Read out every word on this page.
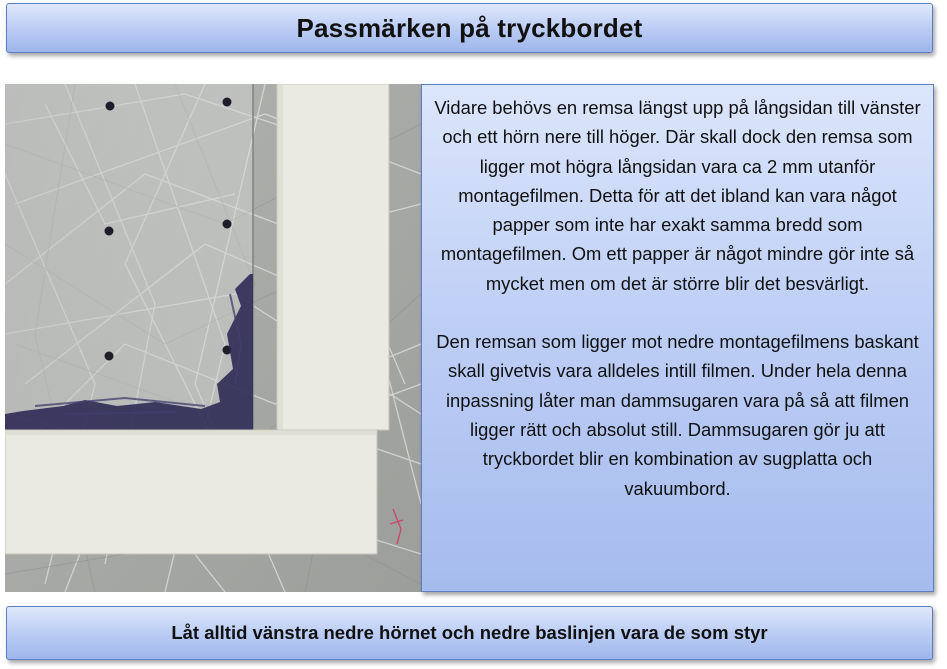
Passmärken på tryckbordet

Vidare behövs en remsa längst upp på långsidan till vänster och ett hörn nere till höger. Där skall dock den remsa som ligger mot högra långsidan vara ca 2 mm utanför montagefilmen. Detta för att det ibland kan vara något papper som inte har exakt samma bredd som montagefilmen. Om ett papper är något mindre gör inte så mycket men om det är större blir det besvärligt.

Den remsan som ligger mot nedre montagefilmens baskant skall givetvis vara alldeles intill filmen. Under hela denna inpassning låter man dammsugaren vara på så att filmen ligger rätt och absolut still. Dammsugaren gör ju att tryckbordet blir en kombination av sugplatta och vakuumbord.

Låt alltid vänstra nedre hörnet och nedre baslinjen vara de som styr
